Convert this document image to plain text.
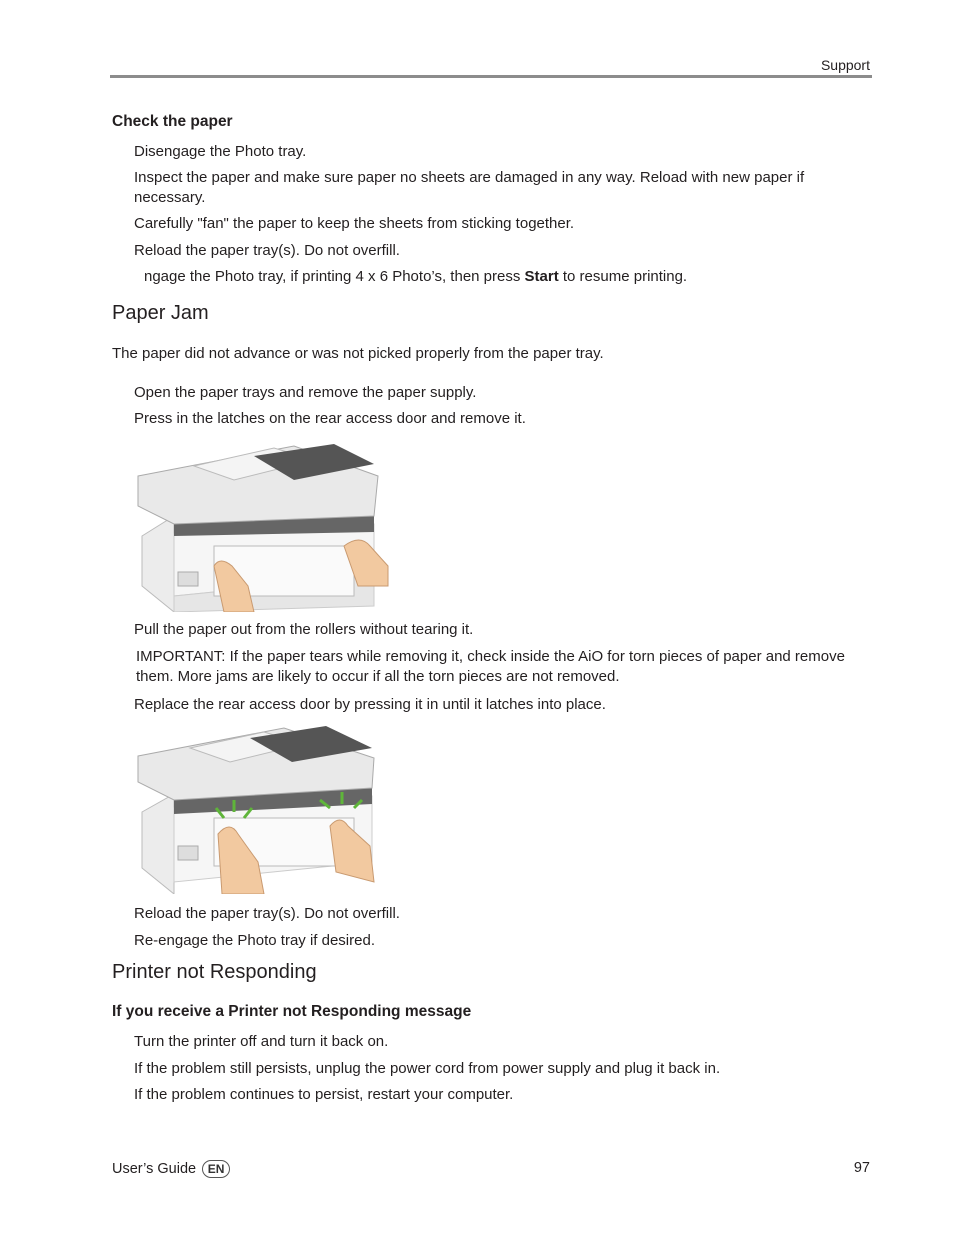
Support
Check the paper
Disengage the Photo tray.
Inspect the paper and make sure paper no sheets are damaged in any way. Reload with new paper if necessary.
Carefully "fan" the paper to keep the sheets from sticking together.
Reload the paper tray(s). Do not overfill.
ngage the Photo tray, if printing 4 x 6 Photo’s, then press Start to resume printing.
Paper Jam
The paper did not advance or was not picked properly from the paper tray.
Open the paper trays and remove the paper supply.
Press in the latches on the rear access door and remove it.
Pull the paper out from the rollers without tearing it.
IMPORTANT: If the paper tears while removing it, check inside the AiO for torn pieces of paper and remove them. More jams are likely to occur if all the torn pieces are not removed.
Replace the rear access door by pressing it in until it latches into place.
Reload the paper tray(s). Do not overfill.
Re-engage the Photo tray if desired.
Printer not Responding
If you receive a Printer not Responding message
Turn the printer off and turn it back on.
If the problem still persists, unplug the power cord from power supply and plug it back in.
If the problem continues to persist, restart your computer.
User’s Guide EN	97
